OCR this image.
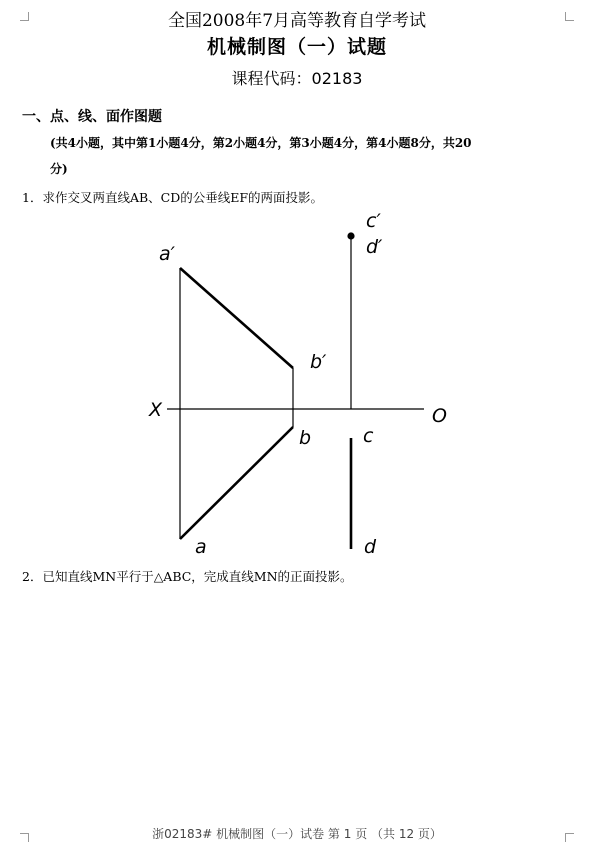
全国2008年7月高等教育自学考试
机械制图（一）试题
课程代码：02183
一、点、线、面作图题
(共4小题，其中第1小题4分，第2小题4分，第3小题4分，第4小题8分，共20
分)
1．求作交叉两直线AB、CD的公垂线EF的两面投影。
a′
b′
c′
d′
X	O
b	c
a	d
2．已知直线MN平行于△ABC，完成直线MN的正面投影。
浙02183# 机械制图（一）试卷 第 1 页 （共 12 页）
